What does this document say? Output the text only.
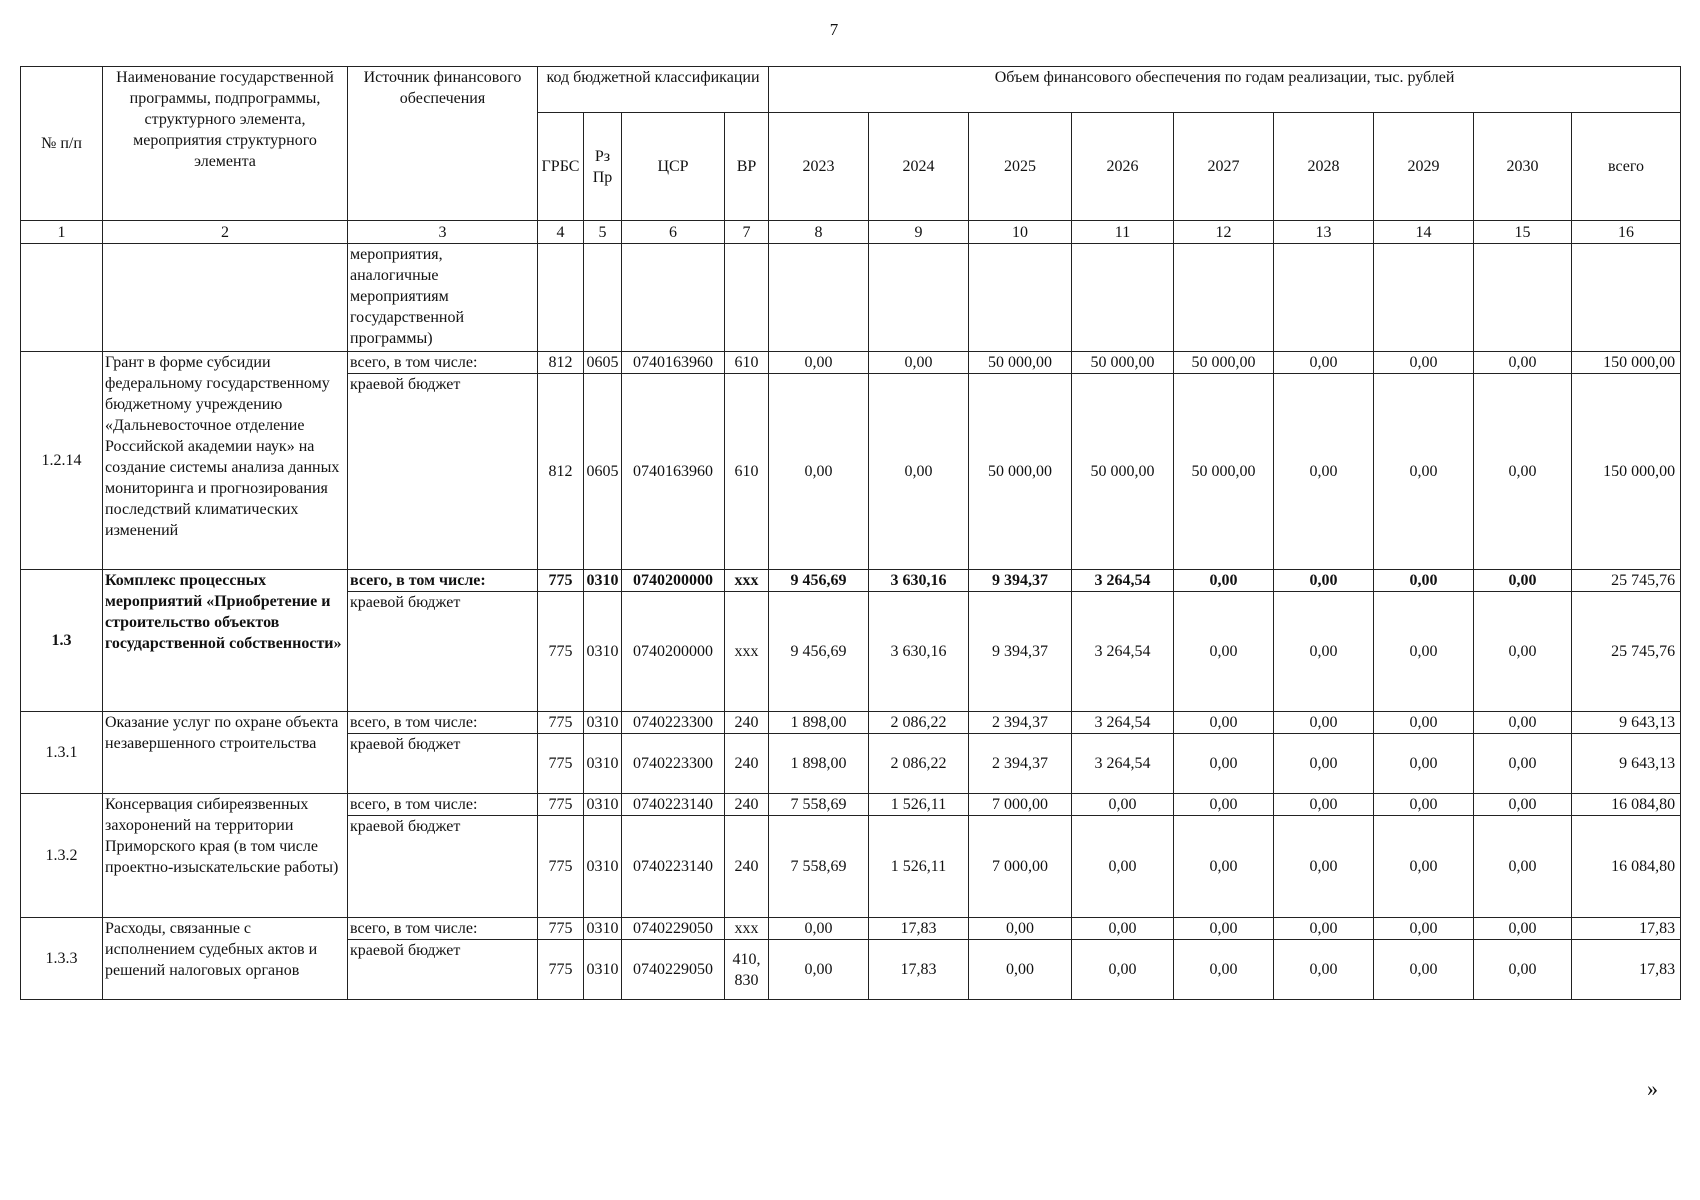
7
№ п/п	Наименование государственной программы, подпрограммы, структурного элемента, мероприятия структурного элемента	Источник финансового обеспечения	код бюджетной классификации				Объем финансового обеспечения по годам реализации, тыс. рублей								
			ГРБС	Рз Пр	ЦСР	ВР	2023	2024	2025	2026	2027	2028	2029	2030	всего
1	2	3	4	5	6	7	8	9	10	11	12	13	14	15	16
		мероприятия, аналогичные мероприятиям государственной программы)													
1.2.14	Грант в форме субсидии федеральному государственному бюджетному учреждению «Дальневосточное отделение Российской академии наук» на создание системы анализа данных мониторинга и прогнозирования последствий климатических изменений	всего, в том числе:	812	0605	0740163960	610	0,00	0,00	50 000,00	50 000,00	50 000,00	0,00	0,00	0,00	150 000,00
		краевой бюджет	812	0605	0740163960	610	0,00	0,00	50 000,00	50 000,00	50 000,00	0,00	0,00	0,00	150 000,00
1.3	Комплекс процессных мероприятий «Приобретение и строительство объектов государственной собственности»	всего, в том числе:	775	0310	0740200000	ххх	9 456,69	3 630,16	9 394,37	3 264,54	0,00	0,00	0,00	0,00	25 745,76
		краевой бюджет	775	0310	0740200000	ххх	9 456,69	3 630,16	9 394,37	3 264,54	0,00	0,00	0,00	0,00	25 745,76
1.3.1	Оказание услуг по охране объекта незавершенного строительства	всего, в том числе:	775	0310	0740223300	240	1 898,00	2 086,22	2 394,37	3 264,54	0,00	0,00	0,00	0,00	9 643,13
		краевой бюджет	775	0310	0740223300	240	1 898,00	2 086,22	2 394,37	3 264,54	0,00	0,00	0,00	0,00	9 643,13
1.3.2	Консервация сибиреязвенных захоронений на территории Приморского края (в том числе проектно-изыскательские работы)	всего, в том числе:	775	0310	0740223140	240	7 558,69	1 526,11	7 000,00	0,00	0,00	0,00	0,00	0,00	16 084,80
		краевой бюджет	775	0310	0740223140	240	7 558,69	1 526,11	7 000,00	0,00	0,00	0,00	0,00	0,00	16 084,80
1.3.3	Расходы, связанные с исполнением судебных актов и решений налоговых органов	всего, в том числе:	775	0310	0740229050	ххх	0,00	17,83	0,00	0,00	0,00	0,00	0,00	0,00	17,83
		краевой бюджет	775	0310	0740229050	410, 830	0,00	17,83	0,00	0,00	0,00	0,00	0,00	0,00	17,83
»
